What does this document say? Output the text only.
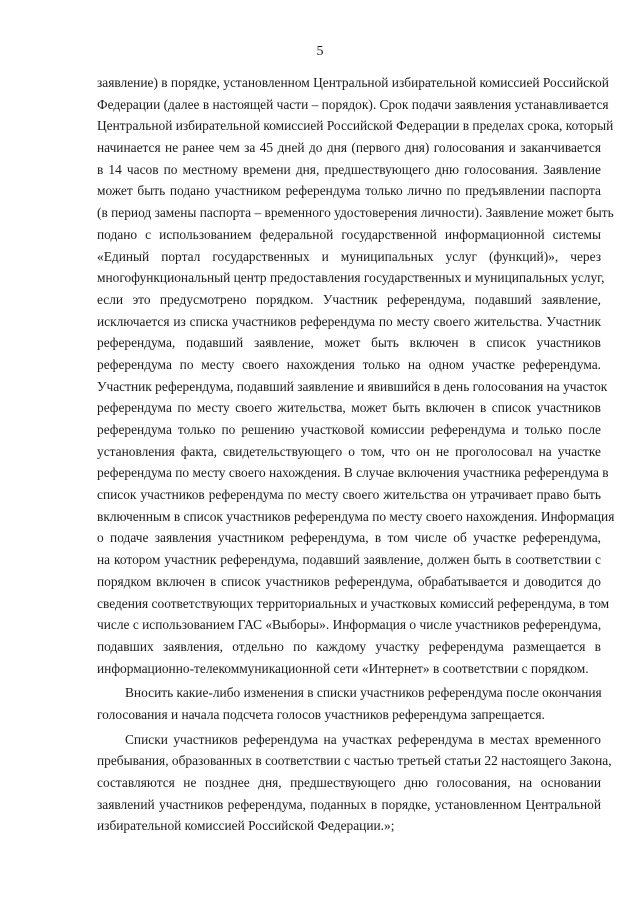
5
заявление) в порядке, установленном Центральной избирательной комиссией Российской
Федерации (далее в настоящей части – порядок). Срок подачи заявления устанавливается
Центральной избирательной комиссией Российской Федерации в пределах срока, который
начинается не ранее чем за 45 дней до дня (первого дня) голосования и заканчивается
в 14 часов по местному времени дня, предшествующего дню голосования. Заявление
может быть подано участником референдума только лично по предъявлении паспорта
(в период замены паспорта – временного удостоверения личности). Заявление может быть
подано с использованием федеральной государственной информационной системы
«Единый портал государственных и муниципальных услуг (функций)», через
многофункциональный центр предоставления государственных и муниципальных услуг,
если это предусмотрено порядком. Участник референдума, подавший заявление,
исключается из списка участников референдума по месту своего жительства. Участник
референдума, подавший заявление, может быть включен в список участников
референдума по месту своего нахождения только на одном участке референдума.
Участник референдума, подавший заявление и явившийся в день голосования на участок
референдума по месту своего жительства, может быть включен в список участников
референдума только по решению участковой комиссии референдума и только после
установления факта, свидетельствующего о том, что он не проголосовал на участке
референдума по месту своего нахождения. В случае включения участника референдума в
список участников референдума по месту своего жительства он утрачивает право быть
включенным в список участников референдума по месту своего нахождения. Информация
о подаче заявления участником референдума, в том числе об участке референдума,
на котором участник референдума, подавший заявление, должен быть в соответствии с
порядком включен в список участников референдума, обрабатывается и доводится до
сведения соответствующих территориальных и участковых комиссий референдума, в том
числе с использованием ГАС «Выборы». Информация о числе участников референдума,
подавших заявления, отдельно по каждому участку референдума размещается в
информационно-телекоммуникационной сети «Интернет» в соответствии с порядком.
Вносить какие-либо изменения в списки участников референдума после окончания
голосования и начала подсчета голосов участников референдума запрещается.
Списки участников референдума на участках референдума в местах временного
пребывания, образованных в соответствии с частью третьей статьи 22 настоящего Закона,
составляются не позднее дня, предшествующего дню голосования, на основании
заявлений участников референдума, поданных в порядке, установленном Центральной
избирательной комиссией Российской Федерации.»;
